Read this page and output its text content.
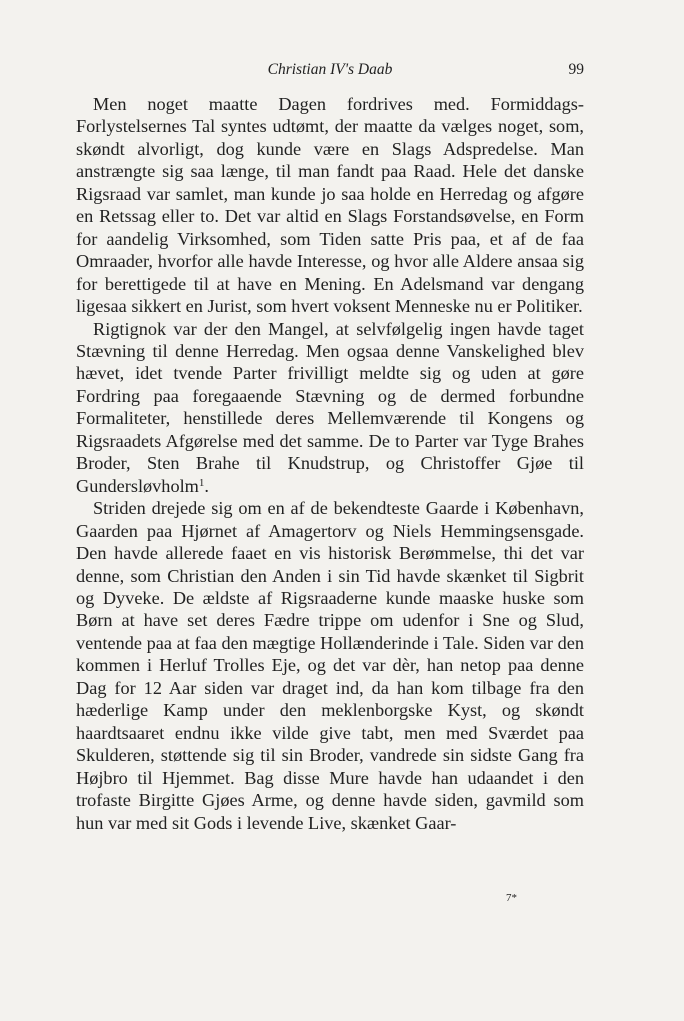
Christian IV's Daab	99

Men noget maatte Dagen fordrives med. Formiddags-Forlystelsernes Tal syntes udtømt, der maatte da vælges noget, som, skøndt alvorligt, dog kunde være en Slags Adspredelse. Man anstrængte sig saa længe, til man fandt paa Raad. Hele det danske Rigsraad var samlet, man kunde jo saa holde en Herredag og afgøre en Retssag eller to. Det var altid en Slags Forstandsøvelse, en Form for aandelig Virksomhed, som Tiden satte Pris paa, et af de faa Omraader, hvorfor alle havde Interesse, og hvor alle Aldere ansaa sig for berettigede til at have en Mening. En Adelsmand var dengang ligesaa sikkert en Jurist, som hvert voksent Menneske nu er Politiker.

Rigtignok var der den Mangel, at selvfølgelig ingen havde taget Stævning til denne Herredag. Men ogsaa denne Vanskelighed blev hævet, idet tvende Parter frivilligt meldte sig og uden at gøre Fordring paa foregaaende Stævning og de dermed forbundne Formaliteter, henstillede deres Mellemværende til Kongens og Rigsraadets Afgørelse med det samme. De to Parter var Tyge Brahes Broder, Sten Brahe til Knudstrup, og Christoffer Gjøe til Gundersløvholm$^1$.

Striden drejede sig om en af de bekendteste Gaarde i København, Gaarden paa Hjørnet af Amagertorv og Niels Hemmingsensgade. Den havde allerede faaet en vis historisk Berømmelse, thi det var denne, som Christian den Anden i sin Tid havde skænket til Sigbrit og Dyveke. De ældste af Rigsraaderne kunde maaske huske som Børn at have set deres Fædre trippe om udenfor i Sne og Slud, ventende paa at faa den mægtige Hollænderinde i Tale. Siden var den kommen i Herluf Trolles Eje, og det var dèr, han netop paa denne Dag for 12 Aar siden var draget ind, da han kom tilbage fra den hæderlige Kamp under den meklenborgske Kyst, og skøndt haardtsaaret endnu ikke vilde give tabt, men med Sværdet paa Skulderen, støttende sig til sin Broder, vandrede sin sidste Gang fra Højbro til Hjemmet. Bag disse Mure havde han udaandet i den trofaste Birgitte Gjøes Arme, og denne havde siden, gavmild som hun var med sit Gods i levende Live, skænket Gaar-

7*
